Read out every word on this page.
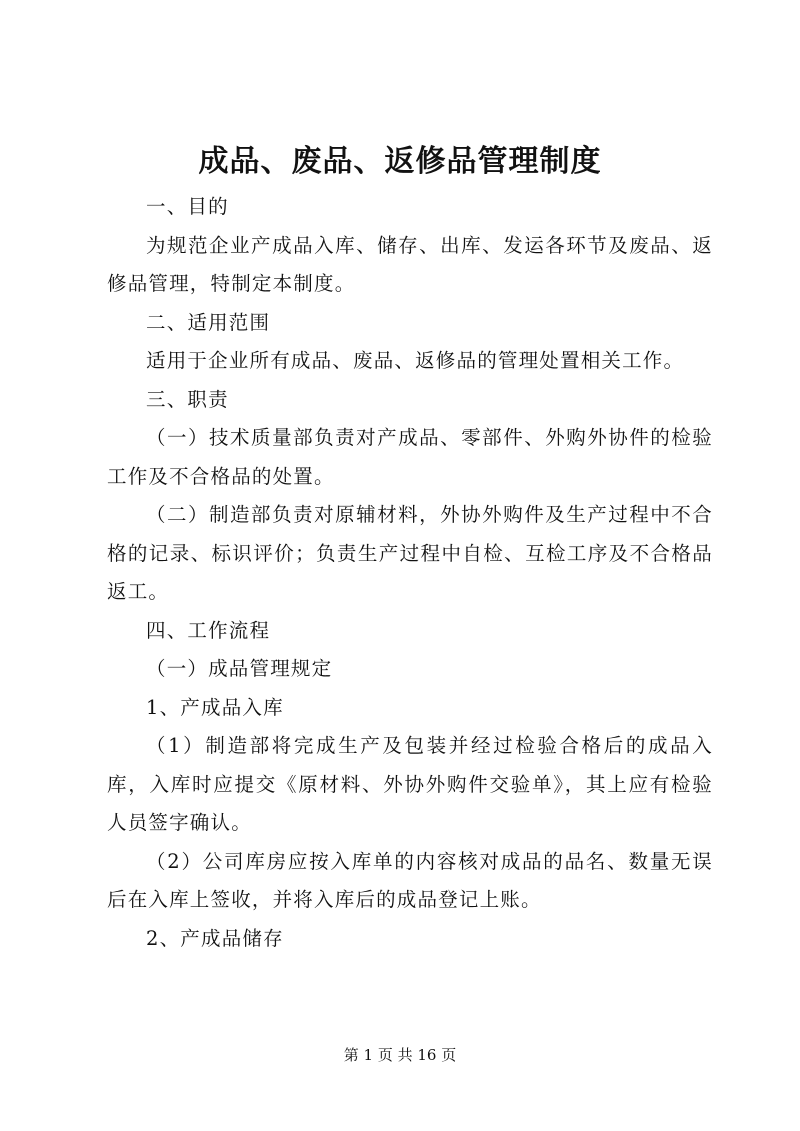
成品、废品、返修品管理制度

一、目的

为规范企业产成品入库、储存、出库、发运各环节及废品、返修品管理，特制定本制度。

二、适用范围

适用于企业所有成品、废品、返修品的管理处置相关工作。

三、职责

（一）技术质量部负责对产成品、零部件、外购外协件的检验工作及不合格品的处置。

（二）制造部负责对原辅材料，外协外购件及生产过程中不合格的记录、标识评价；负责生产过程中自检、互检工序及不合格品返工。

四、工作流程

（一）成品管理规定

1、产成品入库

（1）制造部将完成生产及包装并经过检验合格后的成品入库，入库时应提交《原材料、外协外购件交验单》，其上应有检验人员签字确认。

（2）公司库房应按入库单的内容核对成品的品名、数量无误后在入库上签收，并将入库后的成品登记上账。

2、产成品储存

第 1 页 共 16 页
